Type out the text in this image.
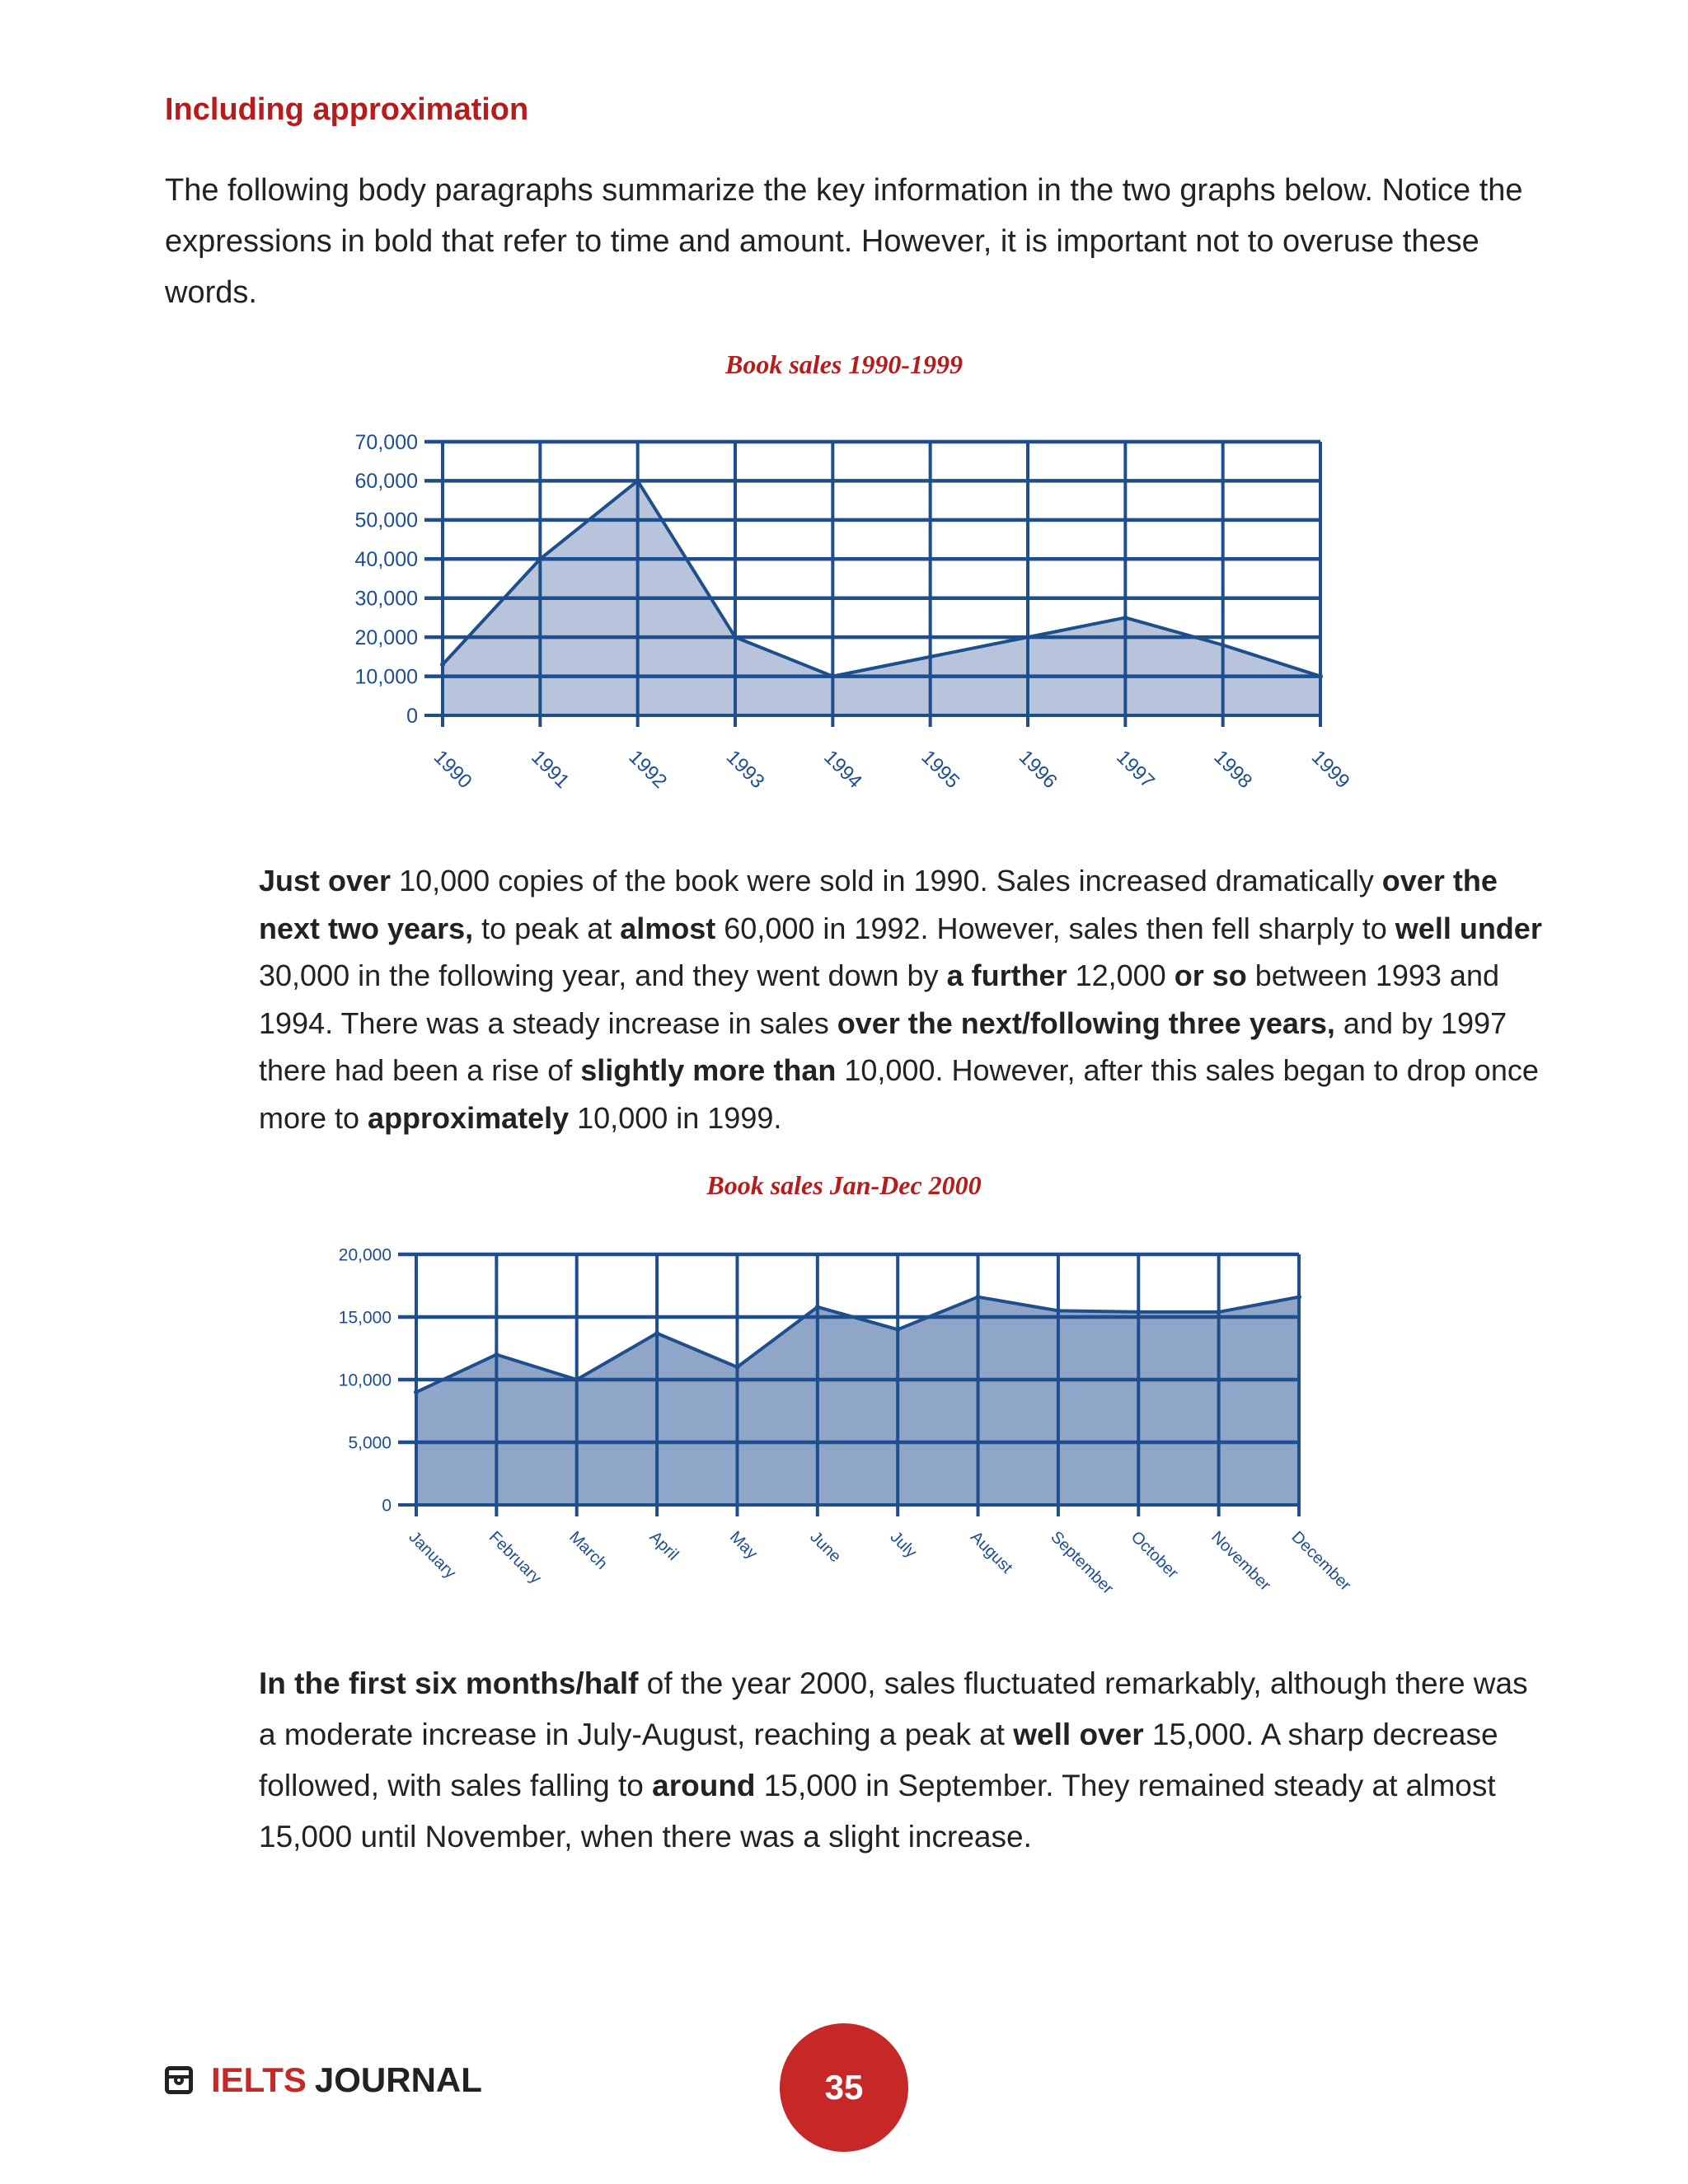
Including approximation
The following body paragraphs summarize the key information in the two graphs below. Notice the expressions in bold that refer to time and amount. However, it is important not to overuse these words.
Book sales 1990-1999
0
10,000
20,000
30,000
40,000
50,000
60,000
70,000
1990	1991	1992	1993	1994	1995	1996	1997	1998	1999
Just over 10,000 copies of the book were sold in 1990. Sales increased dramatically over the next two years, to peak at almost 60,000 in 1992. However, sales then fell sharply to well under 30,000 in the following year, and they went down by a further 12,000 or so between 1993 and 1994. There was a steady increase in sales over the next/following three years, and by 1997 there had been a rise of slightly more than 10,000. However, after this sales began to drop once more to approximately 10,000 in 1999.
Book sales Jan-Dec 2000
0
5,000
10,000
15,000
20,000
January February March April	May	June	July	August September October November December
In the first six months/half of the year 2000, sales fluctuated remarkably, although there was a moderate increase in July-August, reaching a peak at well over 15,000. A sharp decrease followed, with sales falling to around 15,000 in September. They remained steady at almost 15,000 until November, when there was a slight increase.
IELTS JOURNAL	35
